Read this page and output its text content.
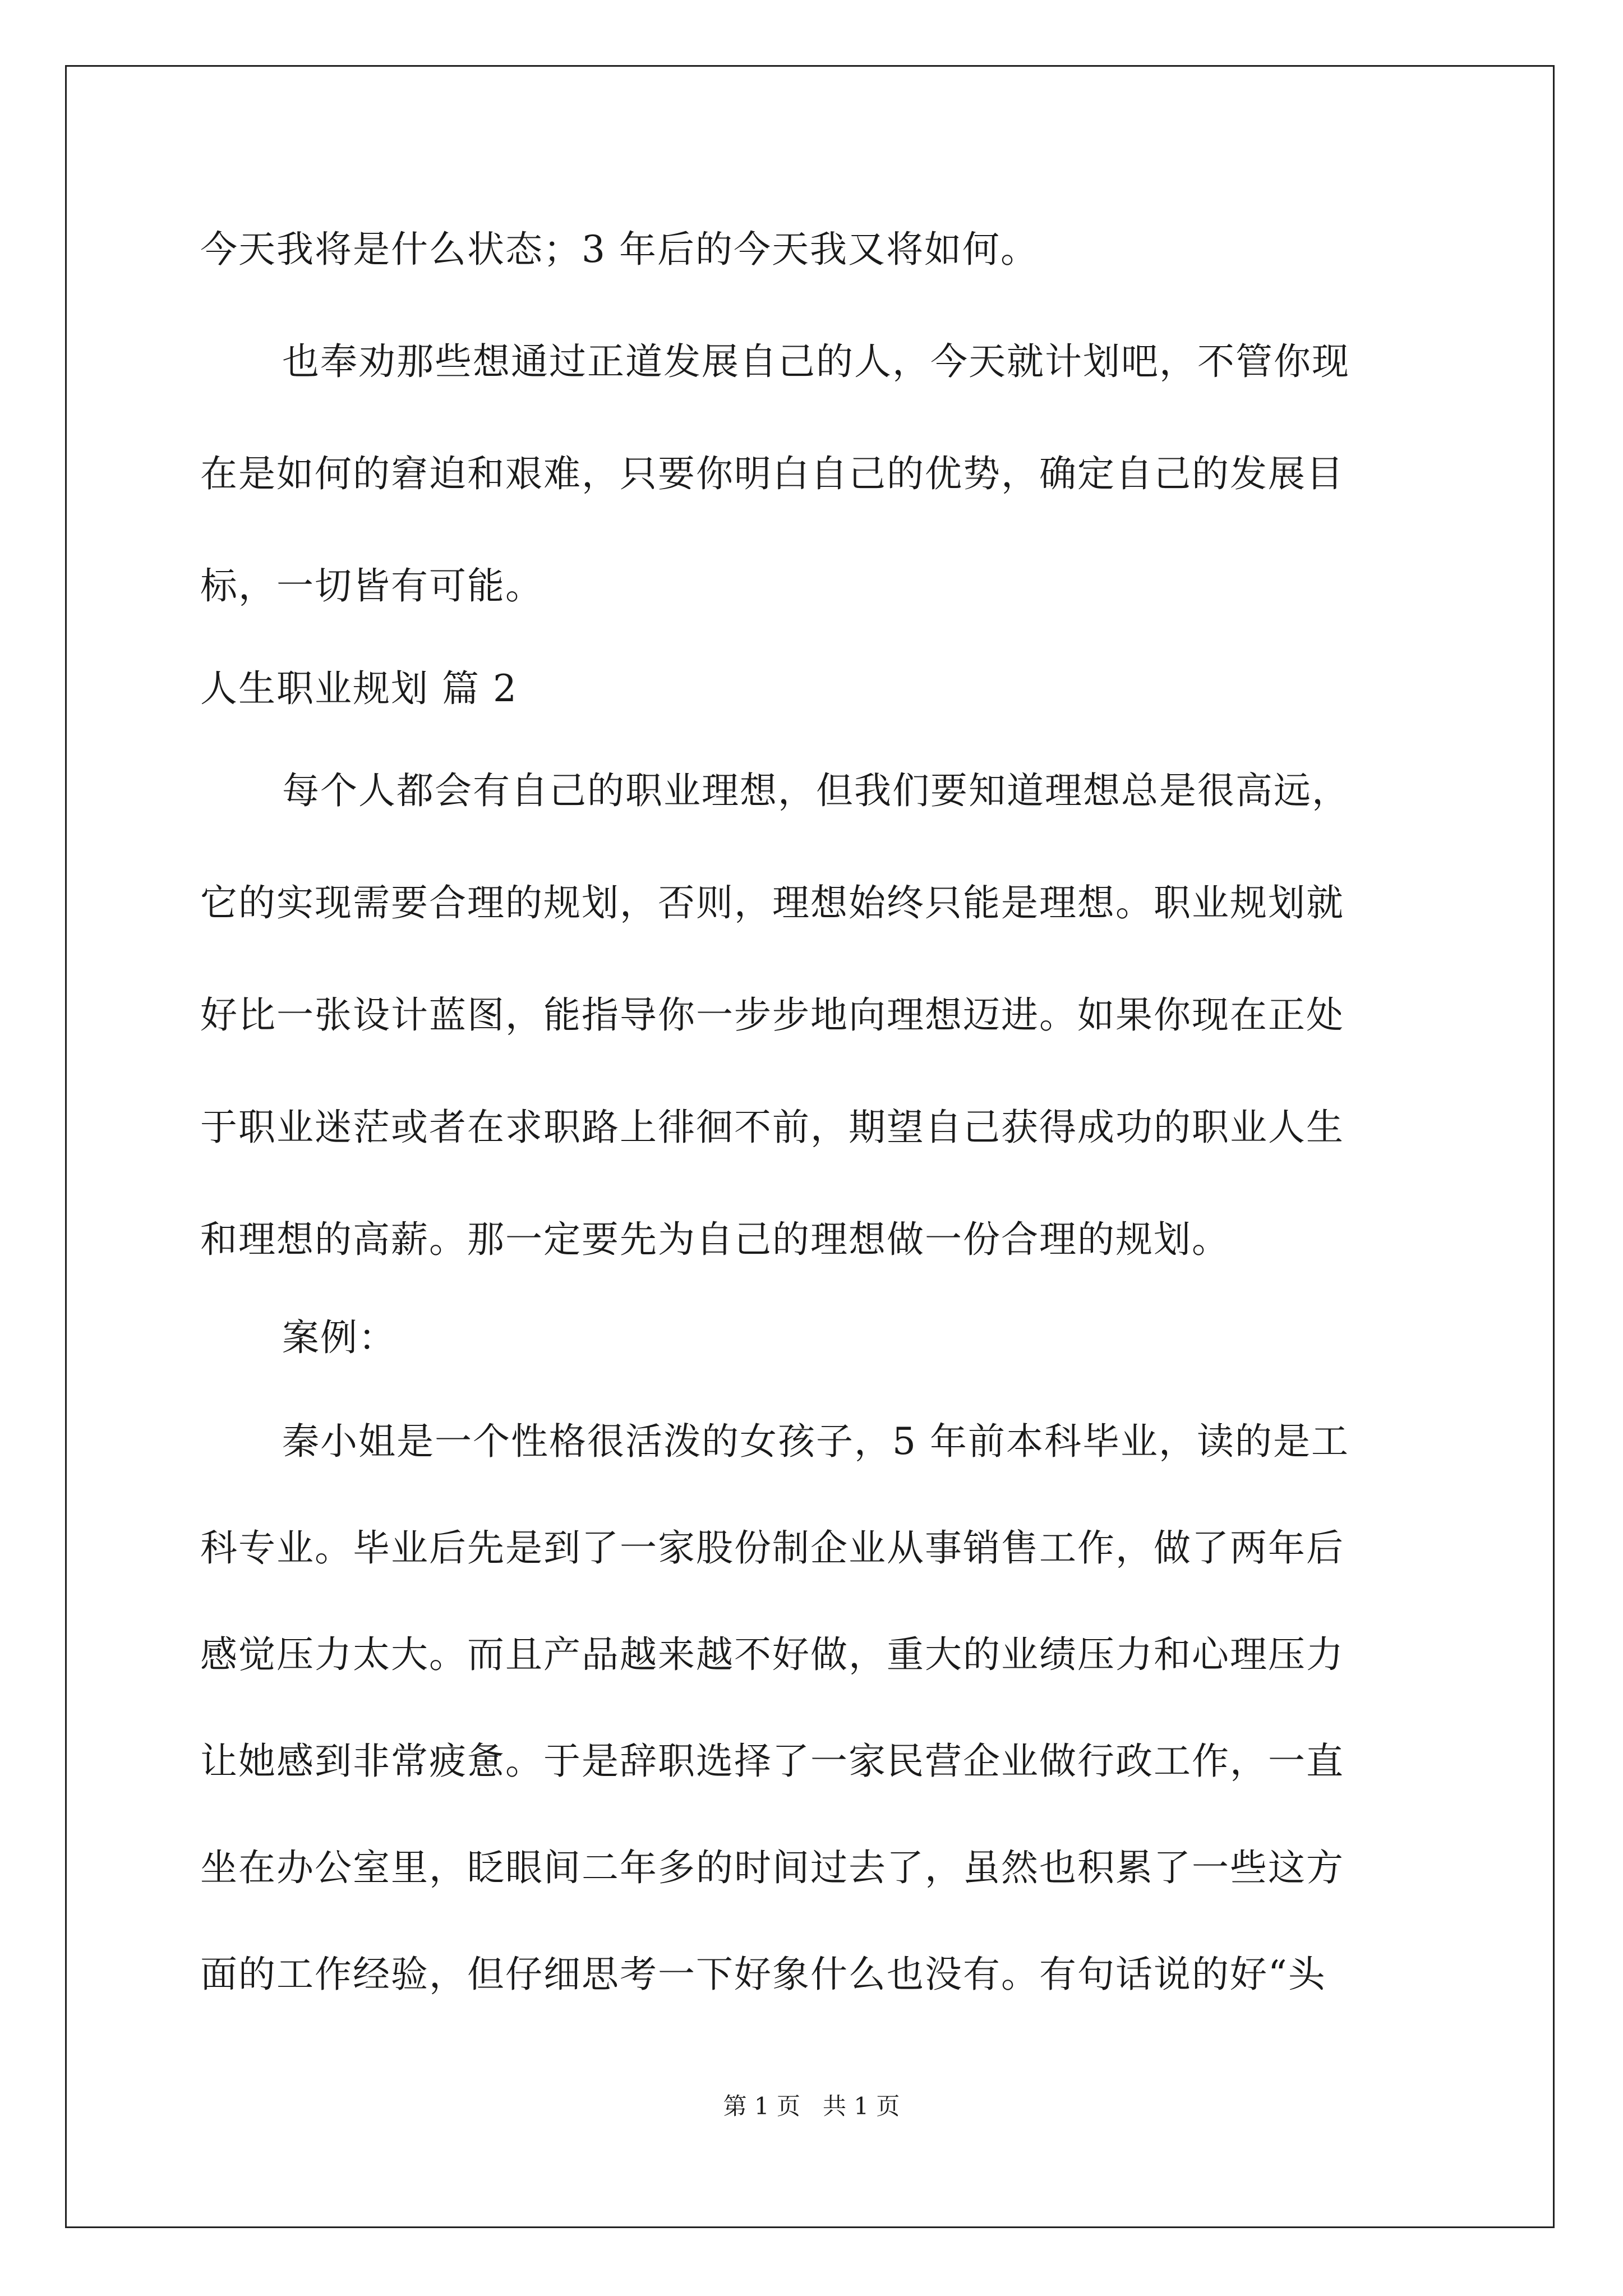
今天我将是什么状态；3 年后的今天我又将如何。
也奉劝那些想通过正道发展自己的人，今天就计划吧，不管你现
在是如何的窘迫和艰难，只要你明白自己的优势，确定自己的发展目
标，一切皆有可能。
人生职业规划 篇 2
每个人都会有自己的职业理想，但我们要知道理想总是很高远，
它的实现需要合理的规划，否则，理想始终只能是理想。职业规划就
好比一张设计蓝图，能指导你一步步地向理想迈进。如果你现在正处
于职业迷茫或者在求职路上徘徊不前，期望自己获得成功的职业人生
和理想的高薪。那一定要先为自己的理想做一份合理的规划。
案例：
秦小姐是一个性格很活泼的女孩子，5 年前本科毕业，读的是工
科专业。毕业后先是到了一家股份制企业从事销售工作，做了两年后
感觉压力太大。而且产品越来越不好做，重大的业绩压力和心理压力
让她感到非常疲惫。于是辞职选择了一家民营企业做行政工作，一直
坐在办公室里，眨眼间二年多的时间过去了，虽然也积累了一些这方
面的工作经验，但仔细思考一下好象什么也没有。有句话说的好“头
第 1 页 共 1 页
